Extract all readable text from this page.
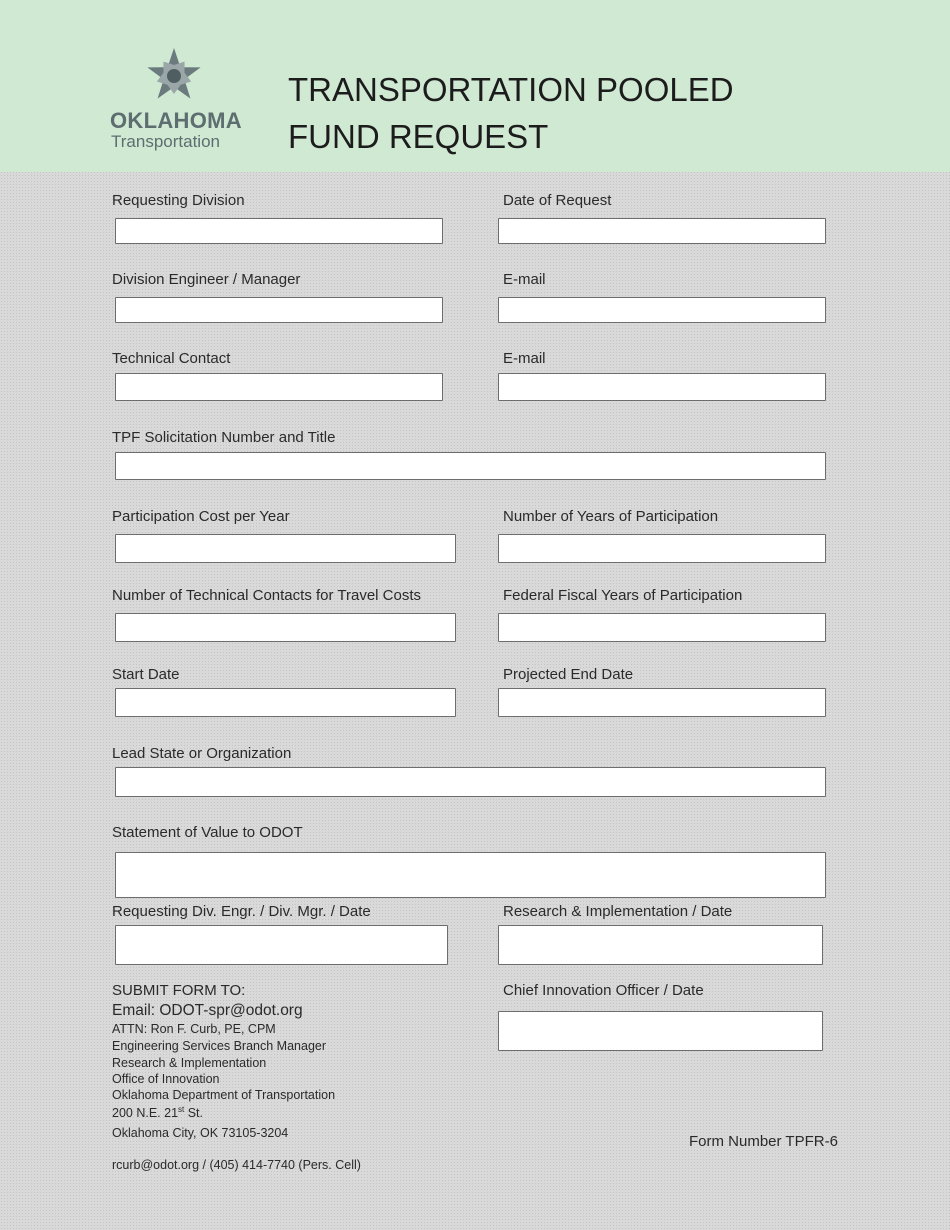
OKLAHOMA
Transportation
TRANSPORTATION POOLED
FUND REQUEST
Requesting Division	Date of Request
Division Engineer / Manager	E-mail
Technical Contact	E-mail
TPF Solicitation Number and Title
Participation Cost per Year	Number of Years of Participation
Number of Technical Contacts for Travel Costs	Federal Fiscal Years of Participation
Start Date	Projected End Date
Lead State or Organization
Statement of Value to ODOT
Requesting Div. Engr. / Div. Mgr. / Date	Research & Implementation / Date
Chief Innovation Officer / Date
SUBMIT FORM TO:
Email: ODOT-spr@odot.org
ATTN: Ron F. Curb, PE, CPM
Engineering Services Branch Manager
Research & Implementation
Office of Innovation
Oklahoma Department of Transportation
200 N.E. 21st St.
Oklahoma City, OK 73105-3204
rcurb@odot.org / (405) 414-7740 (Pers. Cell)
Form Number TPFR-6
